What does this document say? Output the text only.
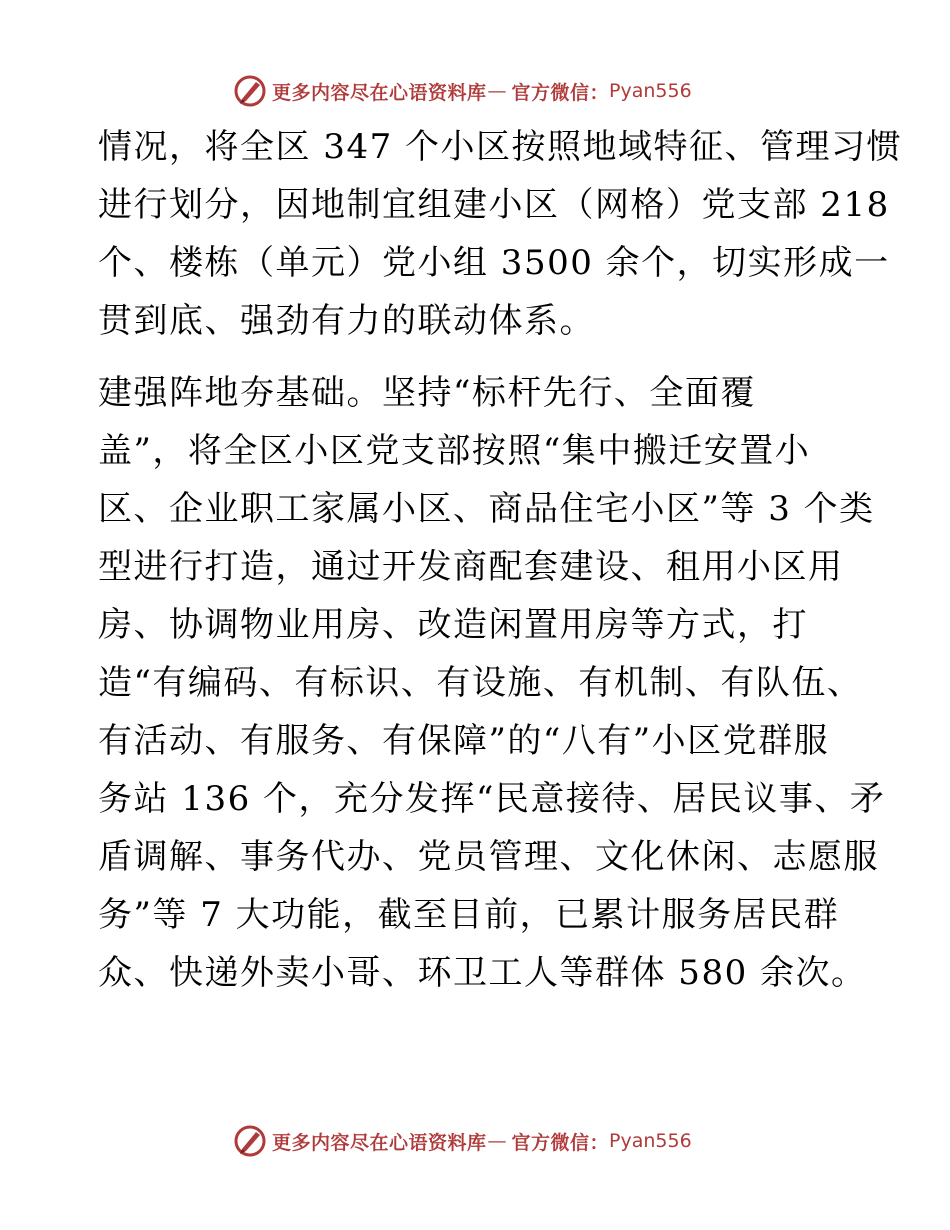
更多内容尽在心语资料库 — 官方微信： Pyan556
情况，将全区 347 个小区按照地域特征、管理习惯
进行划分，因地制宜组建小区（网格）党支部 218
个、楼栋（单元）党小组 3500 余个，切实形成一
贯到底、强劲有力的联动体系。
建强阵地夯基础。坚持“标杆先行、全面覆
盖”，将全区小区党支部按照“集中搬迁安置小
区、企业职工家属小区、商品住宅小区”等 3 个类
型进行打造，通过开发商配套建设、租用小区用
房、协调物业用房、改造闲置用房等方式，打
造“有编码、有标识、有设施、有机制、有队伍、
有活动、有服务、有保障”的“八有”小区党群服
务站 136 个，充分发挥“民意接待、居民议事、矛
盾调解、事务代办、党员管理、文化休闲、志愿服
务”等 7 大功能，截至目前，已累计服务居民群
众、快递外卖小哥、环卫工人等群体 580 余次。
更多内容尽在心语资料库 — 官方微信： Pyan556
